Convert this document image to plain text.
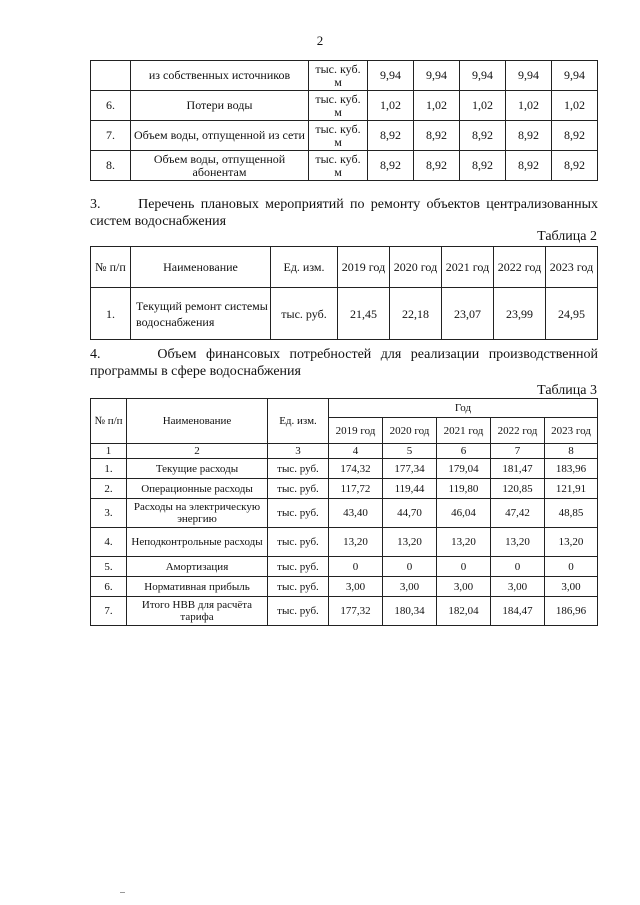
2
	из собственных источников	тыс. куб. м	9,94	9,94	9,94	9,94	9,94
6.	Потери воды	тыс. куб. м	1,02	1,02	1,02	1,02	1,02
7.	Объем воды, отпущенной из сети	тыс. куб. м	8,92	8,92	8,92	8,92	8,92
8.	Объем воды, отпущенной абонентам	тыс. куб. м	8,92	8,92	8,92	8,92	8,92
3.      Перечень плановых мероприятий по ремонту объектов централизованных систем водоснабжения
Таблица 2
№ п/п	Наименование	Ед. изм.	2019 год	2020 год	2021 год	2022 год	2023 год
1.	Текущий ремонт системы водоснабжения	тыс. руб.	21,45	22,18	23,07	23,99	24,95
4.      Объем финансовых потребностей для реализации производственной программы в сфере водоснабжения
Таблица 3
№ п/п	Наименование	Ед. изм.	Год				
			2019 год	2020 год	2021 год	2022 год	2023 год
1	2	3	4	5	6	7	8
1.	Текущие расходы	тыс. руб.	174,32	177,34	179,04	181,47	183,96
2.	Операционные расходы	тыс. руб.	117,72	119,44	119,80	120,85	121,91
3.	Расходы на электрическую энергию	тыс. руб.	43,40	44,70	46,04	47,42	48,85
4.	Неподконтрольные расходы	тыс. руб.	13,20	13,20	13,20	13,20	13,20
5.	Амортизация	тыс. руб.	0	0	0	0	0
6.	Нормативная прибыль	тыс. руб.	3,00	3,00	3,00	3,00	3,00
7.	Итого НВВ для расчёта тарифа	тыс. руб.	177,32	180,34	182,04	184,47	186,96
